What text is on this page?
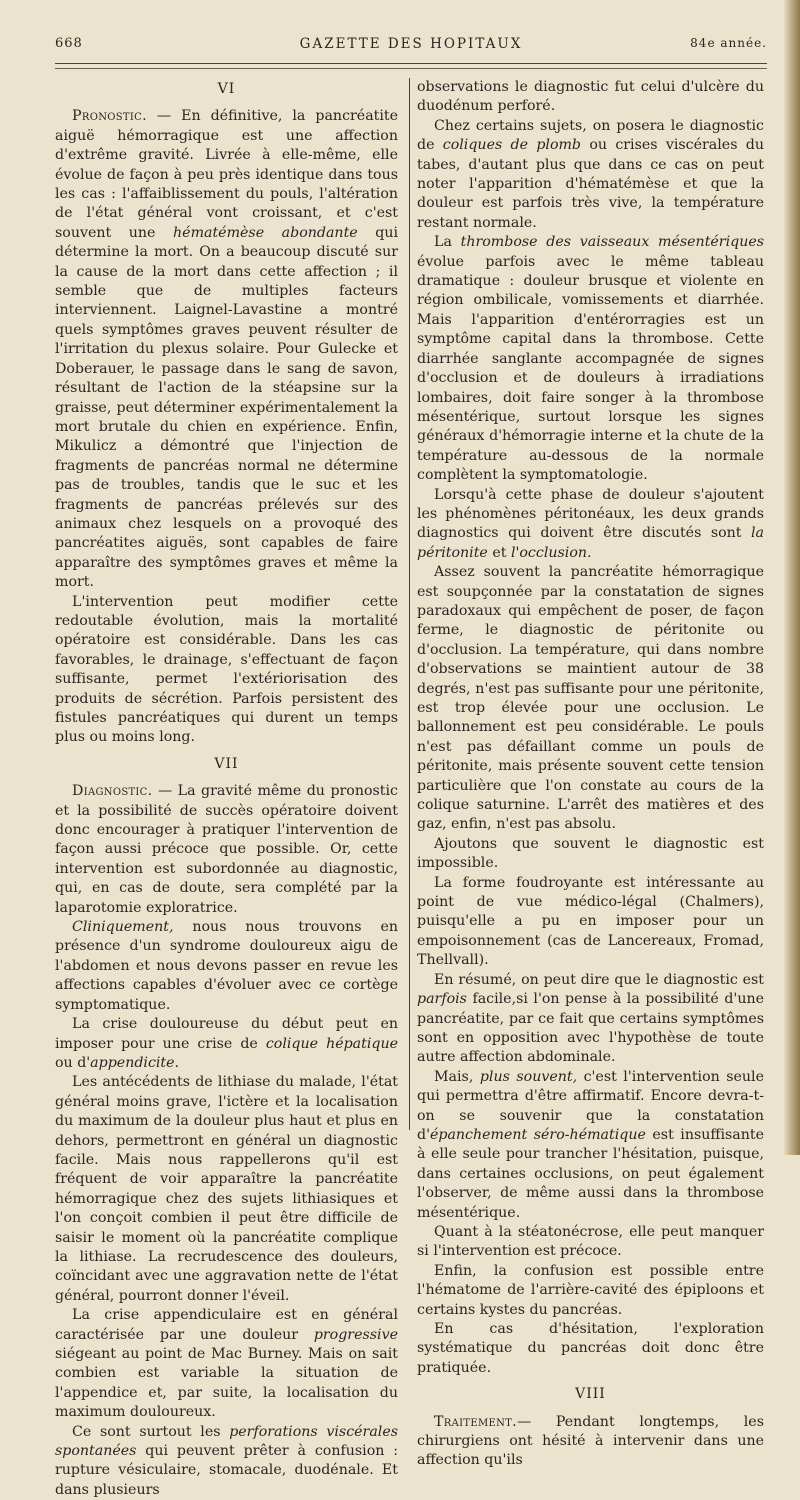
668	GAZETTE DES HOPITAUX	84e année.
VI

Pronostic. — En définitive, la pancréatite aiguë hémorragique est une affection d'extrême gravité. Livrée à elle-même, elle évolue de façon à peu près identique dans tous les cas : l'affaiblissement du pouls, l'altération de l'état général vont croissant, et c'est souvent une hématémèse abondante qui détermine la mort. On a beaucoup discuté sur la cause de la mort dans cette affection ; il semble que de multiples facteurs interviennent. Laignel-Lavastine a montré quels symptômes graves peuvent résulter de l'irritation du plexus solaire. Pour Gulecke et Doberauer, le passage dans le sang de savon, résultant de l'action de la stéapsine sur la graisse, peut déterminer expérimentalement la mort brutale du chien en expérience. Enfin, Mikulicz a démontré que l'injection de fragments de pancréas normal ne détermine pas de troubles, tandis que le suc et les fragments de pancréas prélevés sur des animaux chez lesquels on a provoqué des pancréatites aiguës, sont capables de faire apparaître des symptômes graves et même la mort.

L'intervention peut modifier cette redoutable évolution, mais la mortalité opératoire est considérable. Dans les cas favorables, le drainage, s'effectuant de façon suffisante, permet l'extériorisation des produits de sécrétion. Parfois persistent des fistules pancréatiques qui durent un temps plus ou moins long.

VII

Diagnostic. — La gravité même du pronostic et la possibilité de succès opératoire doivent donc encourager à pratiquer l'intervention de façon aussi précoce que possible. Or, cette intervention est subordonnée au diagnostic, qui, en cas de doute, sera complété par la laparotomie exploratrice.

Cliniquement, nous nous trouvons en présence d'un syndrome douloureux aigu de l'abdomen et nous devons passer en revue les affections capables d'évoluer avec ce cortège symptomatique.

La crise douloureuse du début peut en imposer pour une crise de colique hépatique ou d'appendicite.

Les antécédents de lithiase du malade, l'état général moins grave, l'ictère et la localisation du maximum de la douleur plus haut et plus en dehors, permettront en général un diagnostic facile. Mais nous rappellerons qu'il est fréquent de voir apparaître la pancréatite hémorragique chez des sujets lithiasiques et l'on conçoit combien il peut être difficile de saisir le moment où la pancréatite complique la lithiase. La recrudescence des douleurs, coïncidant avec une aggravation nette de l'état général, pourront donner l'éveil.

La crise appendiculaire est en général caractérisée par une douleur progressive siégeant au point de Mac Burney. Mais on sait combien est variable la situation de l'appendice et, par suite, la localisation du maximum douloureux.

Ce sont surtout les perforations viscérales spontanées qui peuvent prêter à confusion : rupture vésiculaire, stomacale, duodénale. Et dans plusieurs

observations le diagnostic fut celui d'ulcère du duodénum perforé.

Chez certains sujets, on posera le diagnostic de coliques de plomb ou crises viscérales du tabes, d'autant plus que dans ce cas on peut noter l'apparition d'hématémèse et que la douleur est parfois très vive, la température restant normale.

La thrombose des vaisseaux mésentériques évolue parfois avec le même tableau dramatique : douleur brusque et violente en région ombilicale, vomissements et diarrhée. Mais l'apparition d'entérorragies est un symptôme capital dans la thrombose. Cette diarrhée sanglante accompagnée de signes d'occlusion et de douleurs à irradiations lombaires, doit faire songer à la thrombose mésentérique, surtout lorsque les signes généraux d'hémorragie interne et la chute de la température au-dessous de la normale complètent la symptomatologie.

Lorsqu'à cette phase de douleur s'ajoutent les phénomènes péritonéaux, les deux grands diagnostics qui doivent être discutés sont la péritonite et l'occlusion.

Assez souvent la pancréatite hémorragique est soupçonnée par la constatation de signes paradoxaux qui empêchent de poser, de façon ferme, le diagnostic de péritonite ou d'occlusion. La température, qui dans nombre d'observations se maintient autour de 38 degrés, n'est pas suffisante pour une péritonite, est trop élevée pour une occlusion. Le ballonnement est peu considérable. Le pouls n'est pas défaillant comme un pouls de péritonite, mais présente souvent cette tension particulière que l'on constate au cours de la colique saturnine. L'arrêt des matières et des gaz, enfin, n'est pas absolu.

Ajoutons que souvent le diagnostic est impossible.

La forme foudroyante est intéressante au point de vue médico-légal (Chalmers), puisqu'elle a pu en imposer pour un empoisonnement (cas de Lancereaux, Fromad, Thellvall).

En résumé, on peut dire que le diagnostic est parfois facile,si l'on pense à la possibilité d'une pancréatite, par ce fait que certains symptômes sont en opposition avec l'hypothèse de toute autre affection abdominale.

Mais, plus souvent, c'est l'intervention seule qui permettra d'être affirmatif. Encore devra-t-on se souvenir que la constatation d'épanchement séro-hématique est insuffisante à elle seule pour trancher l'hésitation, puisque, dans certaines occlusions, on peut également l'observer, de même aussi dans la thrombose mésentérique.

Quant à la stéatonécrose, elle peut manquer si l'intervention est précoce.

Enfin, la confusion est possible entre l'hématome de l'arrière-cavité des épiploons et certains kystes du pancréas.

En cas d'hésitation, l'exploration systématique du pancréas doit donc être pratiquée.

VIII

Traitement.— Pendant longtemps, les chirurgiens ont hésité à intervenir dans une affection qu'ils
